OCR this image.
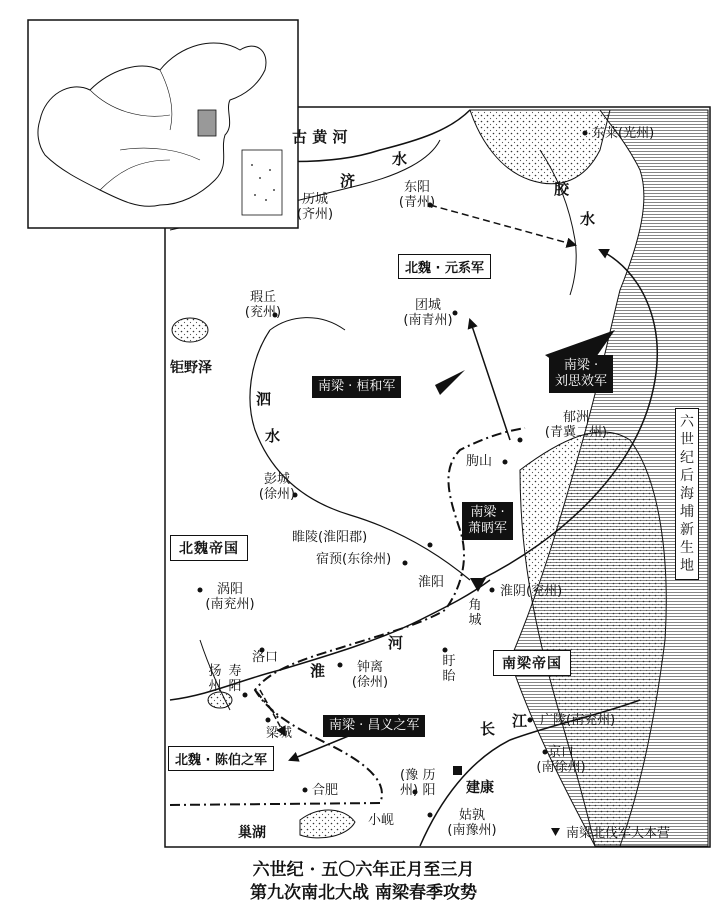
古 黄 河
济
水
胶
水
泗
水
淮
河
长 江
钜野泽
巢湖
东莱(光州)
东阳
(青州)
历城
(齐州)
瑕丘
(兖州)	团城
(南青州)
郁洲
(青冀二州)
朐山
彭城
(徐州)
睢陵(淮阳郡)
宿预(东徐州)
淮阳
淮阴(兖州)
角
城
涡阳
(南兖州)
洛口	盱
眙
扬
州
寿
阳
钟离
(徐州)
梁城
广陵(南兖州)
京口
(南徐州)
合肥
(豫
州)
历
阳
小岘	姑孰
(南豫州)
建康
北魏帝国
南梁帝国
北魏 · 元系军
南梁 · 桓和军
南梁 ·
刘思效军
南梁 ·
萧昞军
南梁 · 昌义之军
北魏 · 陈伯之军
六
世
纪
后
海
埔
新
生
地
南梁北伐军大本营
六世纪 · 五〇六年正月至三月
第九次南北大战 南梁春季攻势
